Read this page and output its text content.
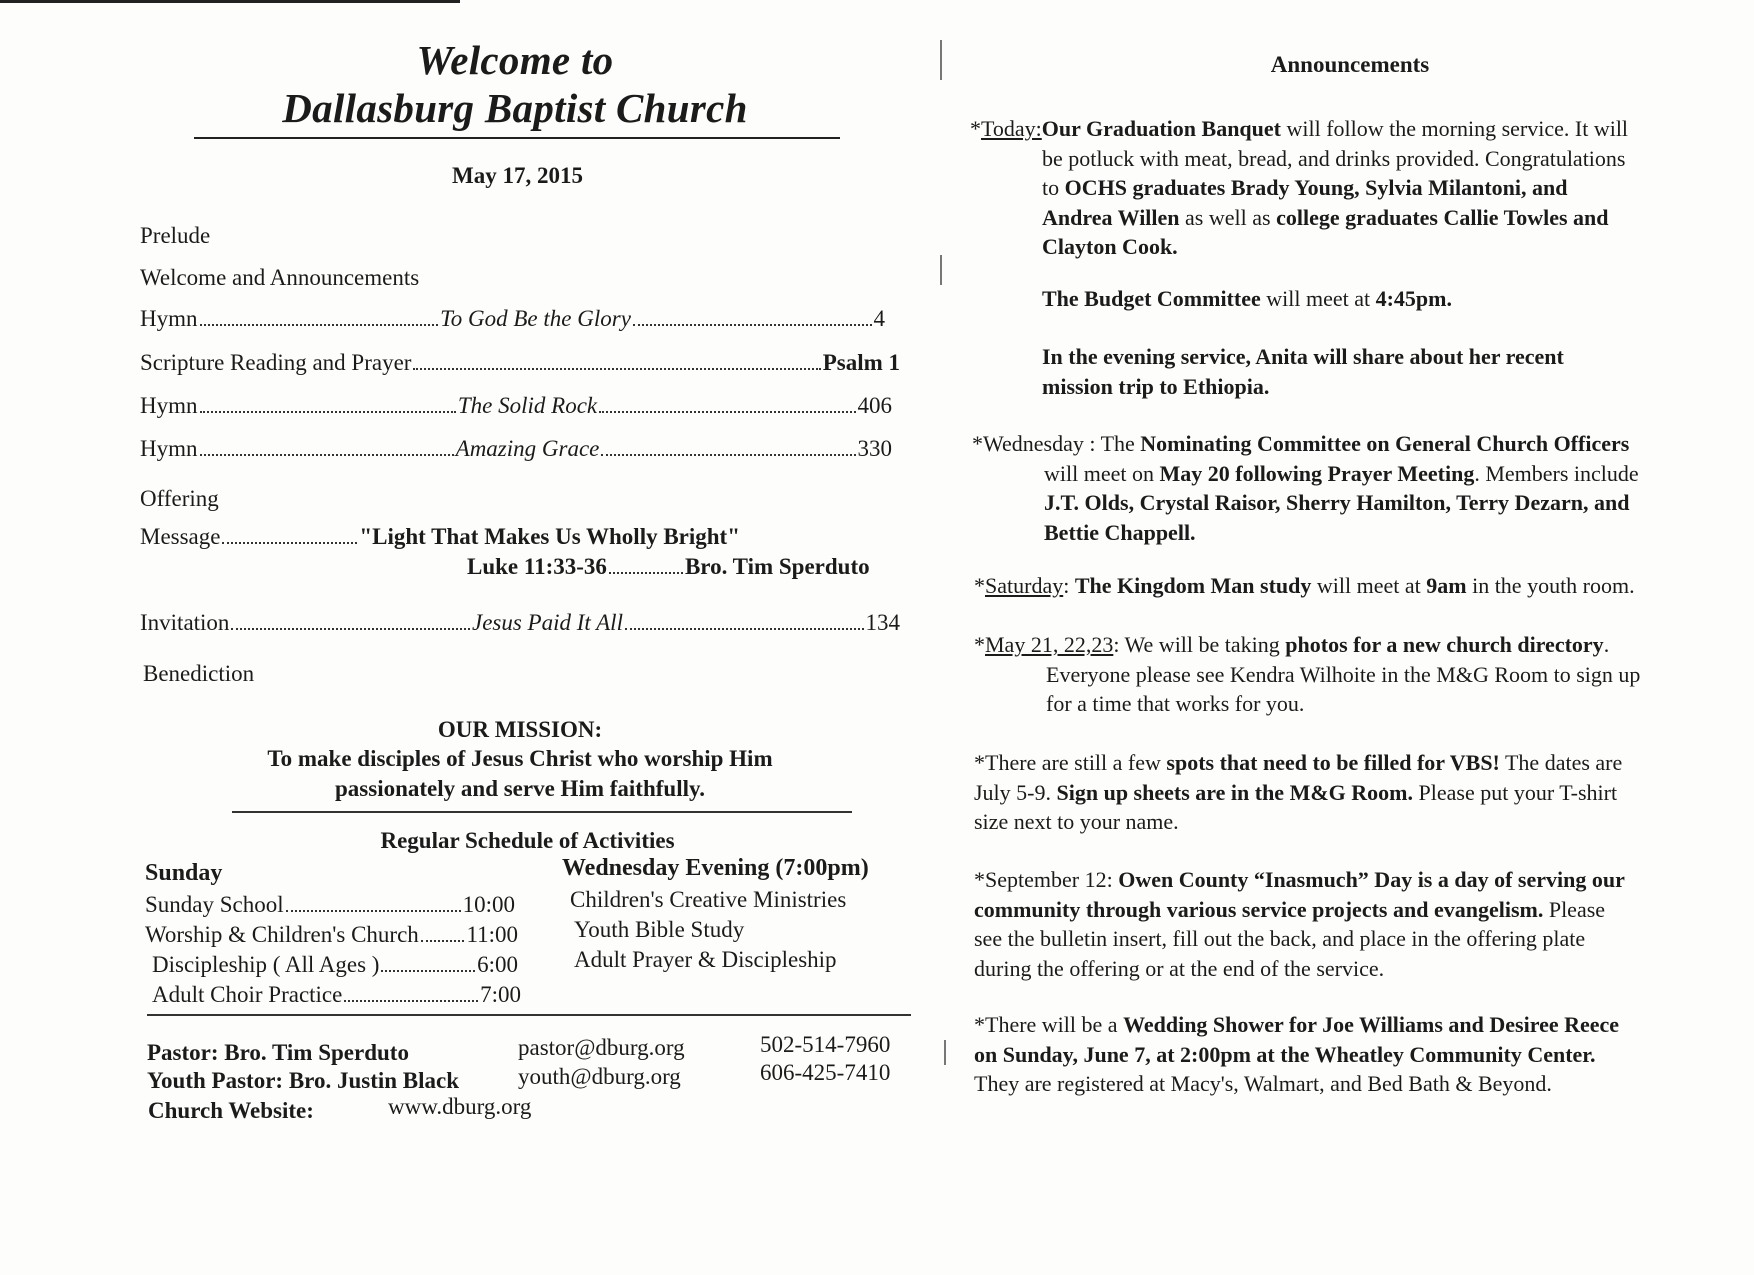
Welcome to
Dallasburg Baptist Church
May 17, 2015
Prelude
Welcome and Announcements
Hymn	To God Be the Glory	4
Scripture Reading and Prayer	Psalm 1
Hymn	The Solid Rock	406
Hymn	Amazing Grace	330
Offering
Message	"Light That Makes Us Wholly Bright"
Luke 11:33-36	Bro. Tim Sperduto
Invitation	Jesus Paid It All	134
Benediction
OUR MISSION:
To make disciples of Jesus Christ who worship Him
passionately and serve Him faithfully.
Regular Schedule of Activities
Sunday	Wednesday Evening (7:00pm)
Sunday School	10:00
Worship & Children's Church 11:00
Discipleship ( All Ages )	6:00
Adult Choir Practice	7:00
Children's Creative Ministries
Youth Bible Study
Adult Prayer & Discipleship
Pastor: Bro. Tim Sperduto	pastor@dburg.org	502-514-7960
Youth Pastor: Bro. Justin Black	youth@dburg.org	606-425-7410
Church Website:	www.dburg.org
Announcements
*Today:Our Graduation Banquet will follow the morning service. It will
be potluck with meat, bread, and drinks provided. Congratulations
to OCHS graduates Brady Young, Sylvia Milantoni, and
Andrea Willen as well as college graduates Callie Towles and
Clayton Cook.
The Budget Committee will meet at 4:45pm.
In the evening service, Anita will share about her recent
mission trip to Ethiopia.
*Wednesday : The Nominating Committee on General Church Officers
will meet on May 20 following Prayer Meeting. Members include
J.T. Olds, Crystal Raisor, Sherry Hamilton, Terry Dezarn, and
Bettie Chappell.
*Saturday: The Kingdom Man study will meet at 9am in the youth room.
*May 21, 22,23: We will be taking photos for a new church directory.
Everyone please see Kendra Wilhoite in the M&G Room to sign up
for a time that works for you.
*There are still a few spots that need to be filled for VBS! The dates are
July 5-9. Sign up sheets are in the M&G Room. Please put your T-shirt
size next to your name.
*September 12: Owen County “Inasmuch” Day is a day of serving our
community through various service projects and evangelism. Please
see the bulletin insert, fill out the back, and place in the offering plate
during the offering or at the end of the service.
*There will be a Wedding Shower for Joe Williams and Desiree Reece
on Sunday, June 7, at 2:00pm at the Wheatley Community Center.
They are registered at Macy's, Walmart, and Bed Bath & Beyond.
